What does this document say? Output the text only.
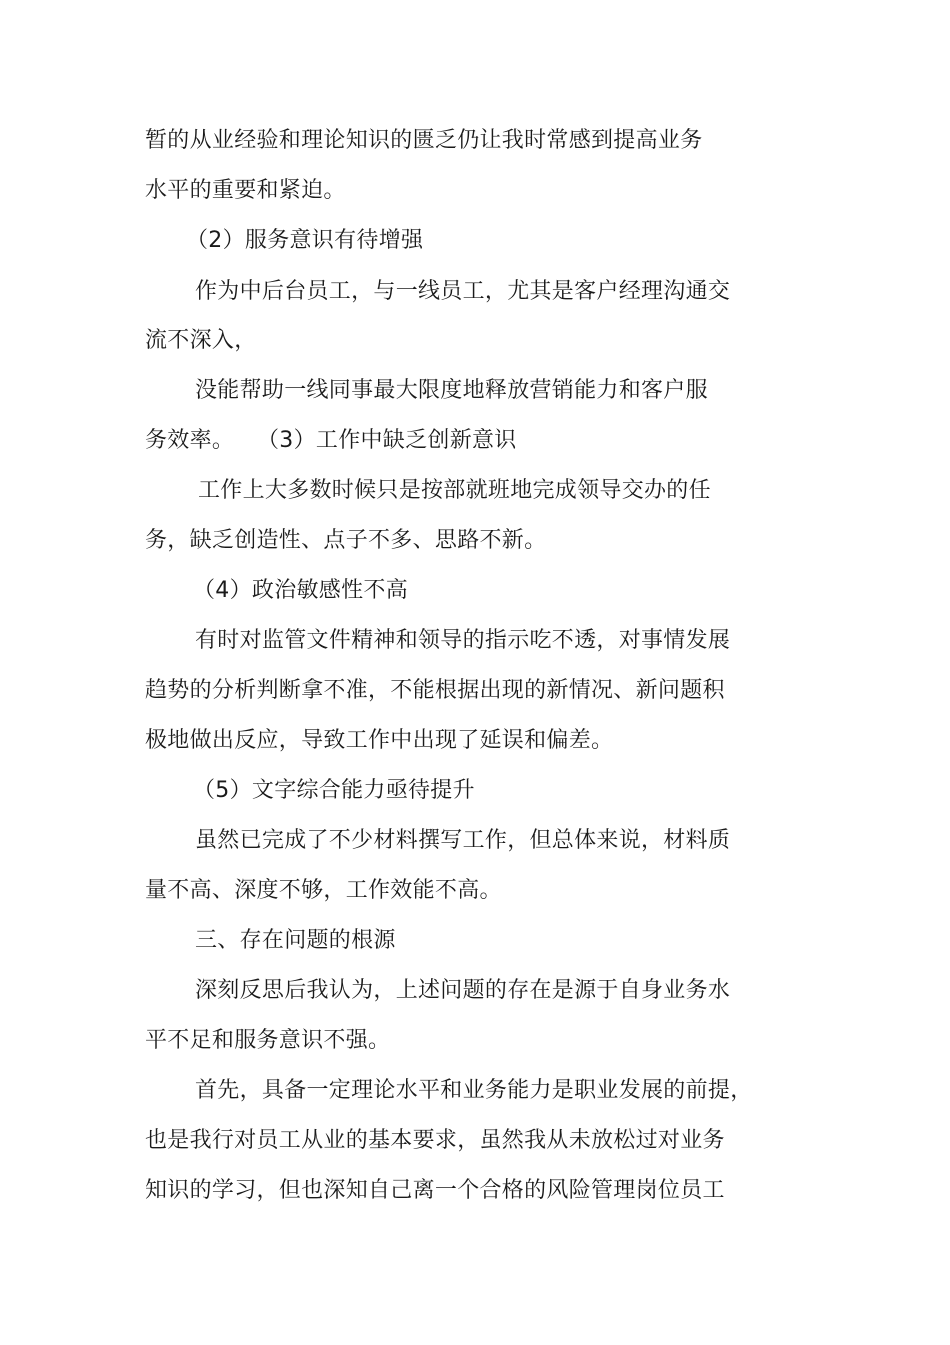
暂的从业经验和理论知识的匮乏仍让我时常感到提高业务
水平的重要和紧迫。
（2）服务意识有待增强
作为中后台员工，与一线员工，尤其是客户经理沟通交
流不深入，
没能帮助一线同事最大限度地释放营销能力和客户服
务效率。 （3）工作中缺乏创新意识
工作上大多数时候只是按部就班地完成领导交办的任
务，缺乏创造性、点子不多、思路不新。
（4）政治敏感性不高
有时对监管文件精神和领导的指示吃不透，对事情发展
趋势的分析判断拿不准，不能根据出现的新情况、新问题积
极地做出反应，导致工作中出现了延误和偏差。
（5）文字综合能力亟待提升
虽然已完成了不少材料撰写工作，但总体来说，材料质
量不高、深度不够，工作效能不高。
三、存在问题的根源
深刻反思后我认为，上述问题的存在是源于自身业务水
平不足和服务意识不强。
首先，具备一定理论水平和业务能力是职业发展的前提，
也是我行对员工从业的基本要求，虽然我从未放松过对业务
知识的学习，但也深知自己离一个合格的风险管理岗位员工
